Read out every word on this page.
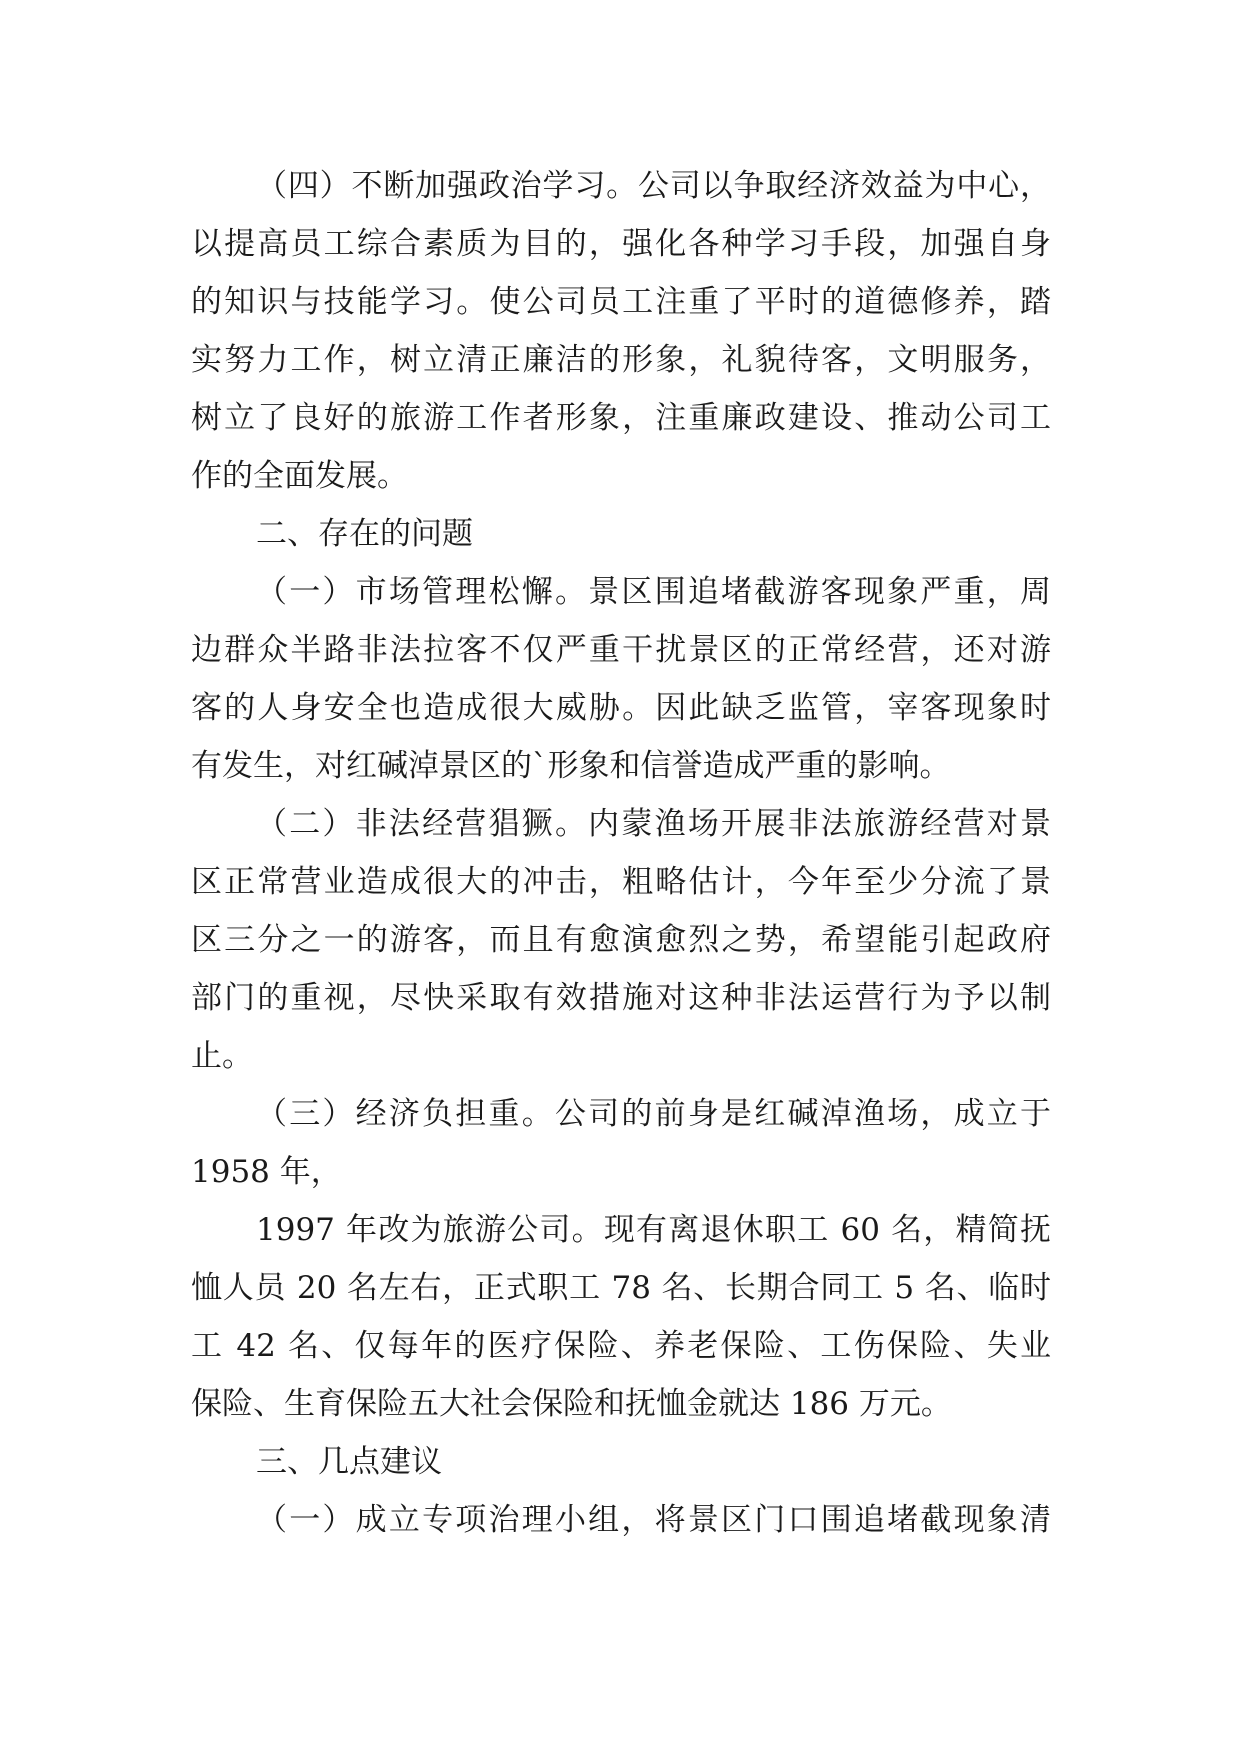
（四）不断加强政治学习。公司以争取经济效益为中心，
以提高员工综合素质为目的，强化各种学习手段，加强自身
的知识与技能学习。使公司员工注重了平时的道德修养，踏
实努力工作，树立清正廉洁的形象，礼貌待客，文明服务，
树立了良好的旅游工作者形象，注重廉政建设、推动公司工
作的全面发展。
二、存在的问题
（一）市场管理松懈。景区围追堵截游客现象严重，周
边群众半路非法拉客不仅严重干扰景区的正常经营，还对游
客的人身安全也造成很大威胁。因此缺乏监管，宰客现象时
有发生，对红碱淖景区的`形象和信誉造成严重的影响。
（二）非法经营猖獗。内蒙渔场开展非法旅游经营对景
区正常营业造成很大的冲击，粗略估计，今年至少分流了景
区三分之一的游客，而且有愈演愈烈之势，希望能引起政府
部门的重视，尽快采取有效措施对这种非法运营行为予以制
止。
（三）经济负担重。公司的前身是红碱淖渔场，成立于
1958 年，
1997 年改为旅游公司。现有离退休职工 60 名，精简抚
恤人员 20 名左右，正式职工 78 名、长期合同工 5 名、临时
工 42 名、仅每年的医疗保险、养老保险、工伤保险、失业
保险、生育保险五大社会保险和抚恤金就达 186 万元。
三、几点建议
（一）成立专项治理小组，将景区门口围追堵截现象清
